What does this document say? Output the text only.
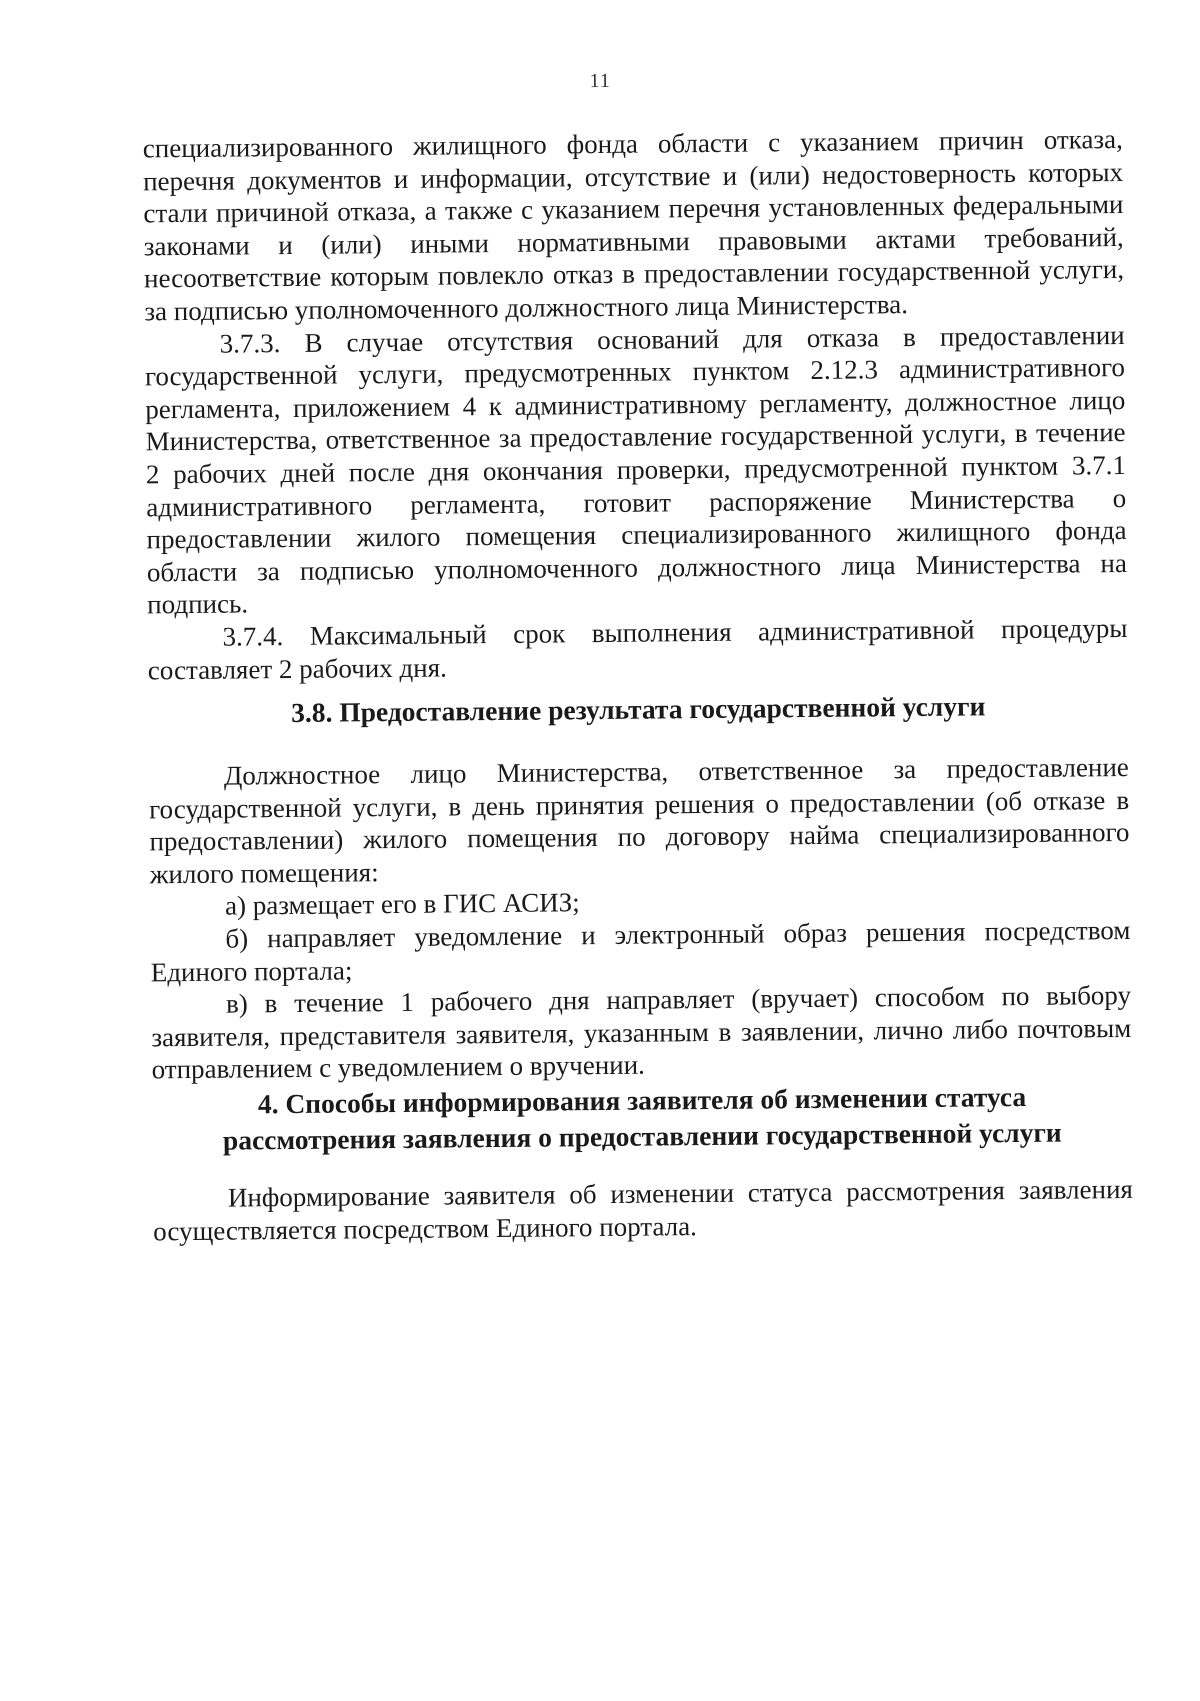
11

специализированного жилищного фонда области с указанием причин отказа, перечня документов и информации, отсутствие и (или) недостоверность которых стали причиной отказа, а также с указанием перечня установленных федеральными законами и (или) иными нормативными правовыми актами требований, несоответствие которым повлекло отказ в предоставлении государственной услуги, за подписью уполномоченного должностного лица Министерства.

3.7.3. В случае отсутствия оснований для отказа в предоставлении государственной услуги, предусмотренных пунктом 2.12.3 административного регламента, приложением 4 к административному регламенту, должностное лицо Министерства, ответственное за предоставление государственной услуги, в течение 2 рабочих дней после дня окончания проверки, предусмотренной пунктом 3.7.1 административного регламента, готовит распоряжение Министерства о предоставлении жилого помещения специализированного жилищного фонда области за подписью уполномоченного должностного лица Министерства на подпись.

3.7.4. Максимальный срок выполнения административной процедуры составляет 2 рабочих дня.

3.8. Предоставление результата государственной услуги

Должностное лицо Министерства, ответственное за предоставление государственной услуги, в день принятия решения о предоставлении (об отказе в предоставлении) жилого помещения по договору найма специализированного жилого помещения:

а) размещает его в ГИС АСИЗ;

б) направляет уведомление и электронный образ решения посредством Единого портала;

в) в течение 1 рабочего дня направляет (вручает) способом по выбору заявителя, представителя заявителя, указанным в заявлении, лично либо почтовым отправлением с уведомлением о вручении.

4. Способы информирования заявителя об изменении статуса
рассмотрения заявления о предоставлении государственной услуги

Информирование заявителя об изменении статуса рассмотрения заявления осуществляется посредством Единого портала.
